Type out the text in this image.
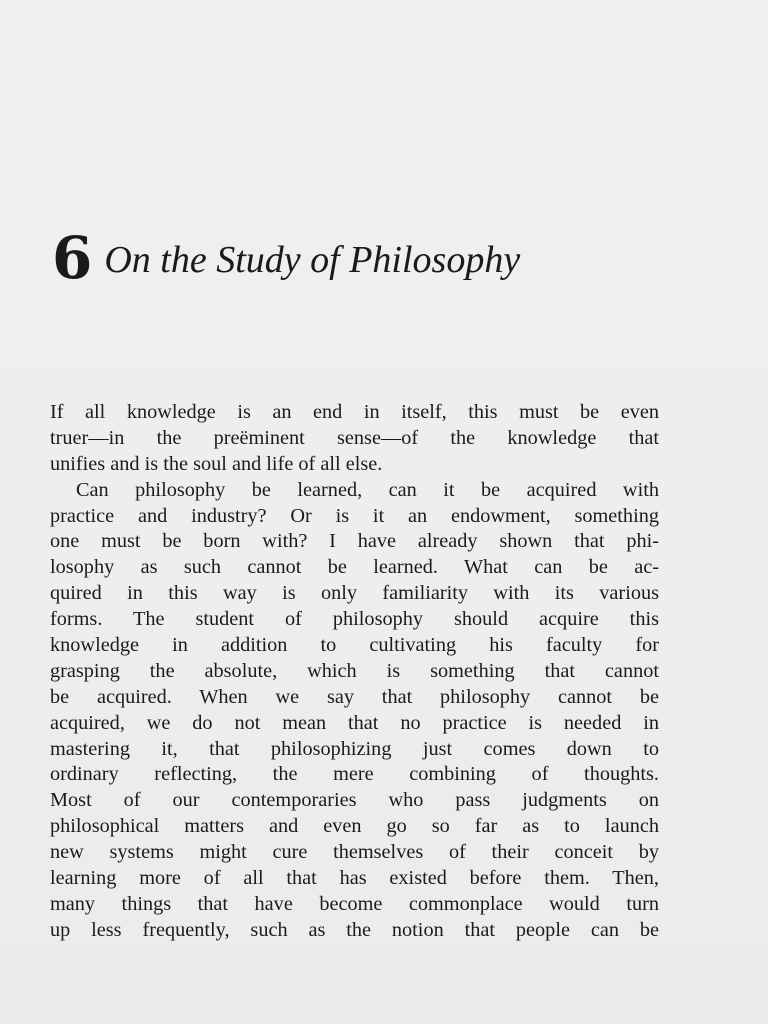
6 On the Study of Philosophy
If all knowledge is an end in itself, this must be even
truer—in the preëminent sense—of the knowledge that
unifies and is the soul and life of all else.
Can philosophy be learned, can it be acquired with
practice and industry? Or is it an endowment, something
one must be born with? I have already shown that phi-
losophy as such cannot be learned. What can be ac-
quired in this way is only familiarity with its various
forms. The student of philosophy should acquire this
knowledge in addition to cultivating his faculty for
grasping the absolute, which is something that cannot
be acquired. When we say that philosophy cannot be
acquired, we do not mean that no practice is needed in
mastering it, that philosophizing just comes down to
ordinary reflecting, the mere combining of thoughts.
Most of our contemporaries who pass judgments on
philosophical matters and even go so far as to launch
new systems might cure themselves of their conceit by
learning more of all that has existed before them. Then,
many things that have become commonplace would turn
up less frequently, such as the notion that people can be
